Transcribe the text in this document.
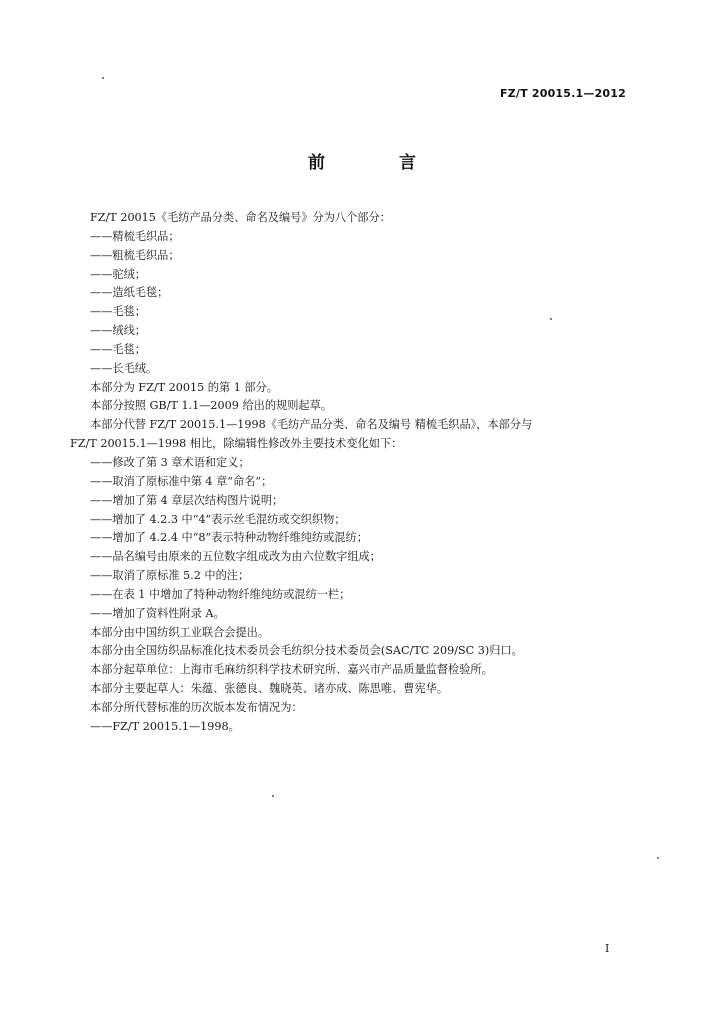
FZ/T 20015.1—2012
前 言
FZ/T 20015《毛纺产品分类、命名及编号》分为八个部分：
——精梳毛织品；
——粗梳毛织品；
——驼绒；
——造纸毛毯；
——毛毯；
——绒线；
——毛毯；
——长毛绒。
本部分为 FZ/T 20015 的第 1 部分。
本部分按照 GB/T 1.1—2009 给出的规则起草。
本部分代替 FZ/T 20015.1—1998《毛纺产品分类、命名及编号 精梳毛织品》，本部分与
FZ/T 20015.1—1998 相比，除编辑性修改外主要技术变化如下：
——修改了第 3 章术语和定义；
——取消了原标准中第 4 章“命名”；
——增加了第 4 章层次结构图片说明；
——增加了 4.2.3 中“4”表示丝毛混纺或交织织物；
——增加了 4.2.4 中“8”表示特种动物纤维纯纺或混纺；
——品名编号由原来的五位数字组成改为由六位数字组成；
——取消了原标准 5.2 中的注；
——在表 1 中增加了特种动物纤维纯纺或混纺一栏；
——增加了资料性附录 A。
本部分由中国纺织工业联合会提出。
本部分由全国纺织品标准化技术委员会毛纺织分技术委员会(SAC/TC 209/SC 3)归口。
本部分起草单位：上海市毛麻纺织科学技术研究所、嘉兴市产品质量监督检验所。
本部分主要起草人：朱蕴、张德良、魏晓英、诸亦成、陈思唯、曹宪华。
本部分所代替标准的历次版本发布情况为：
——FZ/T 20015.1—1998。
I
